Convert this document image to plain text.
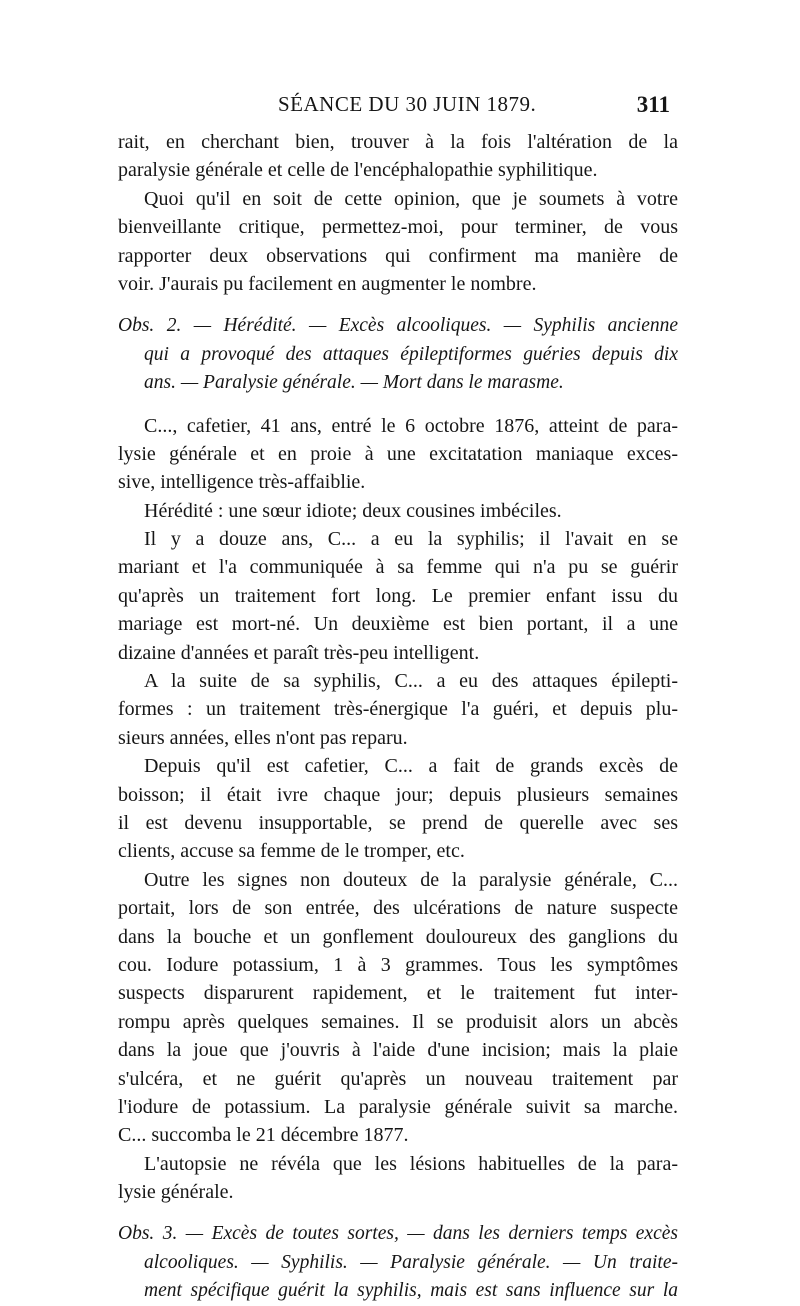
SÉANCE DU 30 JUIN 1879.	311
rait, en cherchant bien, trouver à la fois l'altération de la
paralysie générale et celle de l'encéphalopathie syphilitique.
Quoi qu'il en soit de cette opinion, que je soumets à votre
bienveillante critique, permettez-moi, pour terminer, de vous
rapporter deux observations qui confirment ma manière de
voir. J'aurais pu facilement en augmenter le nombre.
Obs. 2. — Hérédité. — Excès alcooliques. — Syphilis ancienne
qui a provoqué des attaques épileptiformes guéries depuis dix
ans. — Paralysie générale. — Mort dans le marasme.
C..., cafetier, 41 ans, entré le 6 octobre 1876, atteint de para-
lysie générale et en proie à une excitatation maniaque exces-
sive, intelligence très-affaiblie.
Hérédité : une sœur idiote; deux cousines imbéciles.
Il y a douze ans, C... a eu la syphilis; il l'avait en se
mariant et l'a communiquée à sa femme qui n'a pu se guérir
qu'après un traitement fort long. Le premier enfant issu du
mariage est mort-né. Un deuxième est bien portant, il a une
dizaine d'années et paraît très-peu intelligent.
A la suite de sa syphilis, C... a eu des attaques épilepti-
formes : un traitement très-énergique l'a guéri, et depuis plu-
sieurs années, elles n'ont pas reparu.
Depuis qu'il est cafetier, C... a fait de grands excès de
boisson; il était ivre chaque jour; depuis plusieurs semaines
il est devenu insupportable, se prend de querelle avec ses
clients, accuse sa femme de le tromper, etc.
Outre les signes non douteux de la paralysie générale, C...
portait, lors de son entrée, des ulcérations de nature suspecte
dans la bouche et un gonflement douloureux des ganglions du
cou. Iodure potassium, 1 à 3 grammes. Tous les symptômes
suspects disparurent rapidement, et le traitement fut inter-
rompu après quelques semaines. Il se produisit alors un abcès
dans la joue que j'ouvris à l'aide d'une incision; mais la plaie
s'ulcéra, et ne guérit qu'après un nouveau traitement par
l'iodure de potassium. La paralysie générale suivit sa marche.
C... succomba le 21 décembre 1877.
L'autopsie ne révéla que les lésions habituelles de la para-
lysie générale.
Obs. 3. — Excès de toutes sortes, — dans les derniers temps excès
alcooliques. — Syphilis. — Paralysie générale. — Un traite-
ment spécifique guérit la syphilis, mais est sans influence sur la
